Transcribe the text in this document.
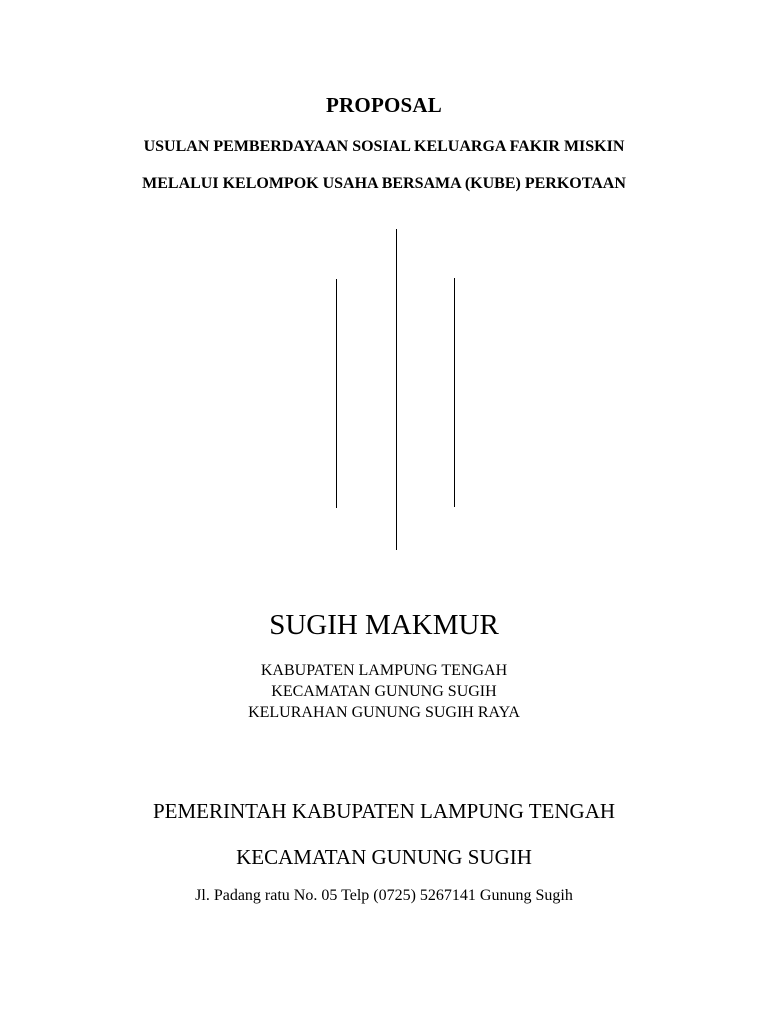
PROPOSAL
USULAN PEMBERDAYAAN SOSIAL KELUARGA FAKIR MISKIN
MELALUI KELOMPOK USAHA BERSAMA (KUBE) PERKOTAAN
SUGIH MAKMUR
KABUPATEN LAMPUNG TENGAH
KECAMATAN GUNUNG SUGIH
KELURAHAN GUNUNG SUGIH RAYA
PEMERINTAH KABUPATEN LAMPUNG TENGAH
KECAMATAN GUNUNG SUGIH
Jl. Padang ratu No. 05 Telp (0725) 5267141 Gunung Sugih
